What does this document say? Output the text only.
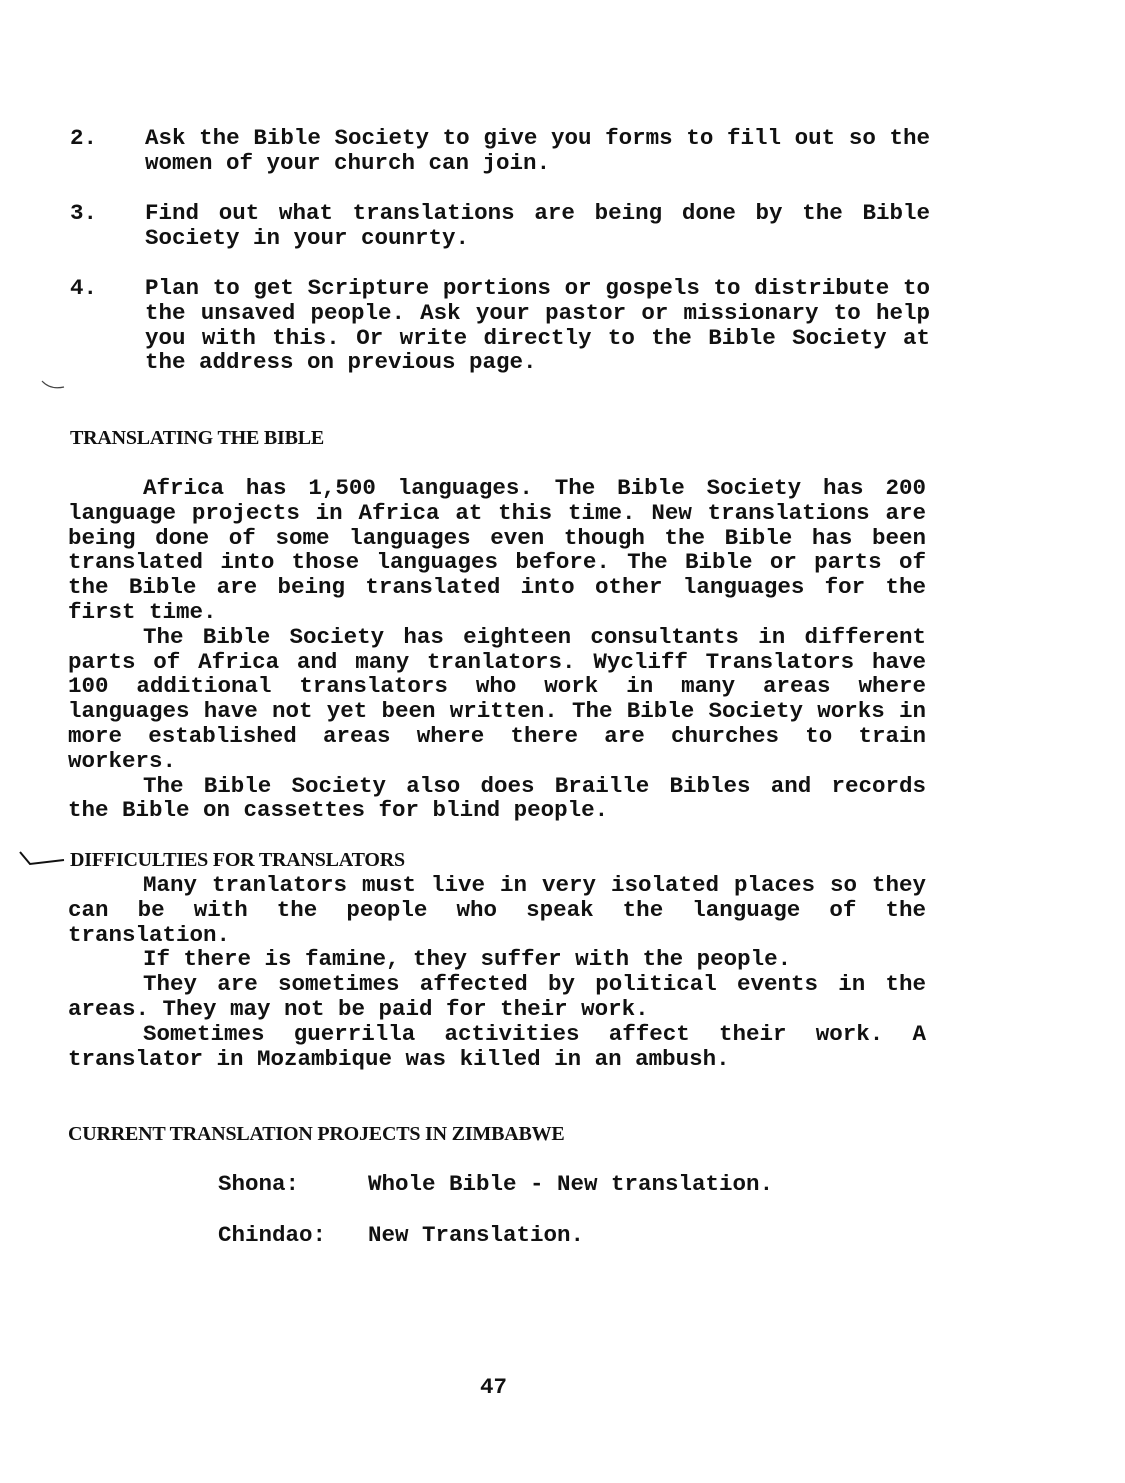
2. Ask the Bible Society to give you forms to fill out so the women of your church can join.
3. Find out what translations are being done by the Bible Society in your counrty.
4. Plan to get Scripture portions or gospels to distribute to the unsaved people. Ask your pastor or missionary to help you with this. Or write directly to the Bible Society at the address on previous page.
TRANSLATING THE BIBLE

Africa has 1,500 languages. The Bible Society has 200 language projects in Africa at this time. New translations are being done of some languages even though the Bible has been translated into those languages before. The Bible or parts of the Bible are being translated into other languages for the first time.

The Bible Society has eighteen consultants in different parts of Africa and many tranlators. Wycliff Translators have 100 additional translators who work in many areas where languages have not yet been written. The Bible Society works in more established areas where there are churches to train workers.

The Bible Society also does Braille Bibles and records the Bible on cassettes for blind people.

DIFFICULTIES FOR TRANSLATORS

Many tranlators must live in very isolated places so they can be with the people who speak the language of the translation.

If there is famine, they suffer with the people.

They are sometimes affected by political events in the areas. They may not be paid for their work.

Sometimes guerrilla activities affect their work. A translator in Mozambique was killed in an ambush.

CURRENT TRANSLATION PROJECTS IN ZIMBABWE
Shona:	Whole Bible - New translation.
Chindao: New Translation.
47
